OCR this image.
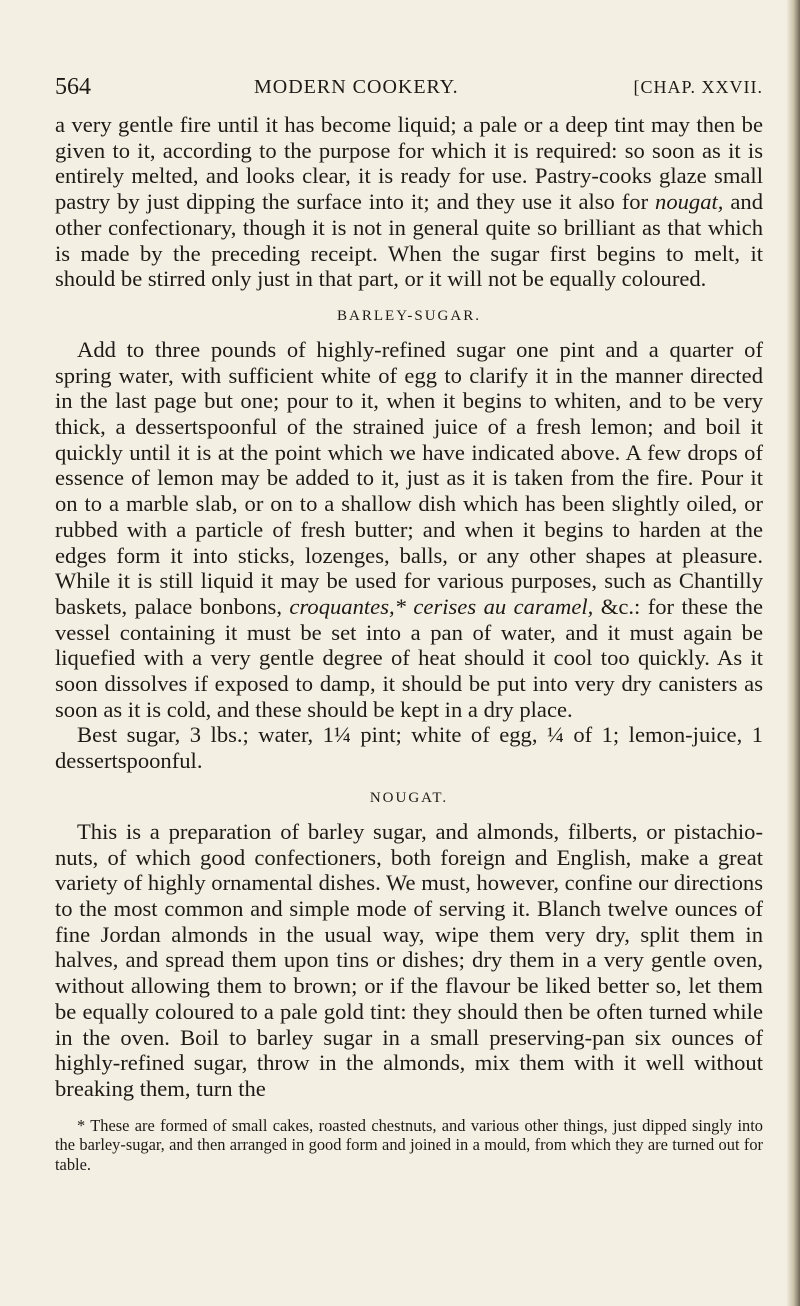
564	MODERN COOKERY.	[CHAP. XXVII.

a very gentle fire until it has become liquid; a pale or a deep tint may then be given to it, according to the purpose for which it is required: so soon as it is entirely melted, and looks clear, it is ready for use. Pastry-cooks glaze small pastry by just dipping the surface into it; and they use it also for nougat, and other confectionary, though it is not in general quite so brilliant as that which is made by the preceding receipt. When the sugar first begins to melt, it should be stirred only just in that part, or it will not be equally coloured.

BARLEY-SUGAR.

Add to three pounds of highly-refined sugar one pint and a quarter of spring water, with sufficient white of egg to clarify it in the manner directed in the last page but one; pour to it, when it begins to whiten, and to be very thick, a dessertspoonful of the strained juice of a fresh lemon; and boil it quickly until it is at the point which we have indicated above. A few drops of essence of lemon may be added to it, just as it is taken from the fire. Pour it on to a marble slab, or on to a shallow dish which has been slightly oiled, or rubbed with a particle of fresh butter; and when it begins to harden at the edges form it into sticks, lozenges, balls, or any other shapes at pleasure. While it is still liquid it may be used for various purposes, such as Chantilly baskets, palace bonbons, croquantes,* cerises au caramel, &c.: for these the vessel containing it must be set into a pan of water, and it must again be liquefied with a very gentle degree of heat should it cool too quickly. As it soon dissolves if exposed to damp, it should be put into very dry canisters as soon as it is cold, and these should be kept in a dry place.

Best sugar, 3 lbs.; water, 1¼ pint; white of egg, ¼ of 1; lemon-juice, 1 dessertspoonful.

NOUGAT.

This is a preparation of barley sugar, and almonds, filberts, or pistachio-nuts, of which good confectioners, both foreign and English, make a great variety of highly ornamental dishes. We must, however, confine our directions to the most common and simple mode of serving it. Blanch twelve ounces of fine Jordan almonds in the usual way, wipe them very dry, split them in halves, and spread them upon tins or dishes; dry them in a very gentle oven, without allowing them to brown; or if the flavour be liked better so, let them be equally coloured to a pale gold tint: they should then be often turned while in the oven. Boil to barley sugar in a small preserving-pan six ounces of highly-refined sugar, throw in the almonds, mix them with it well without breaking them, turn the

* These are formed of small cakes, roasted chestnuts, and various other things, just dipped singly into the barley-sugar, and then arranged in good form and joined in a mould, from which they are turned out for table.
